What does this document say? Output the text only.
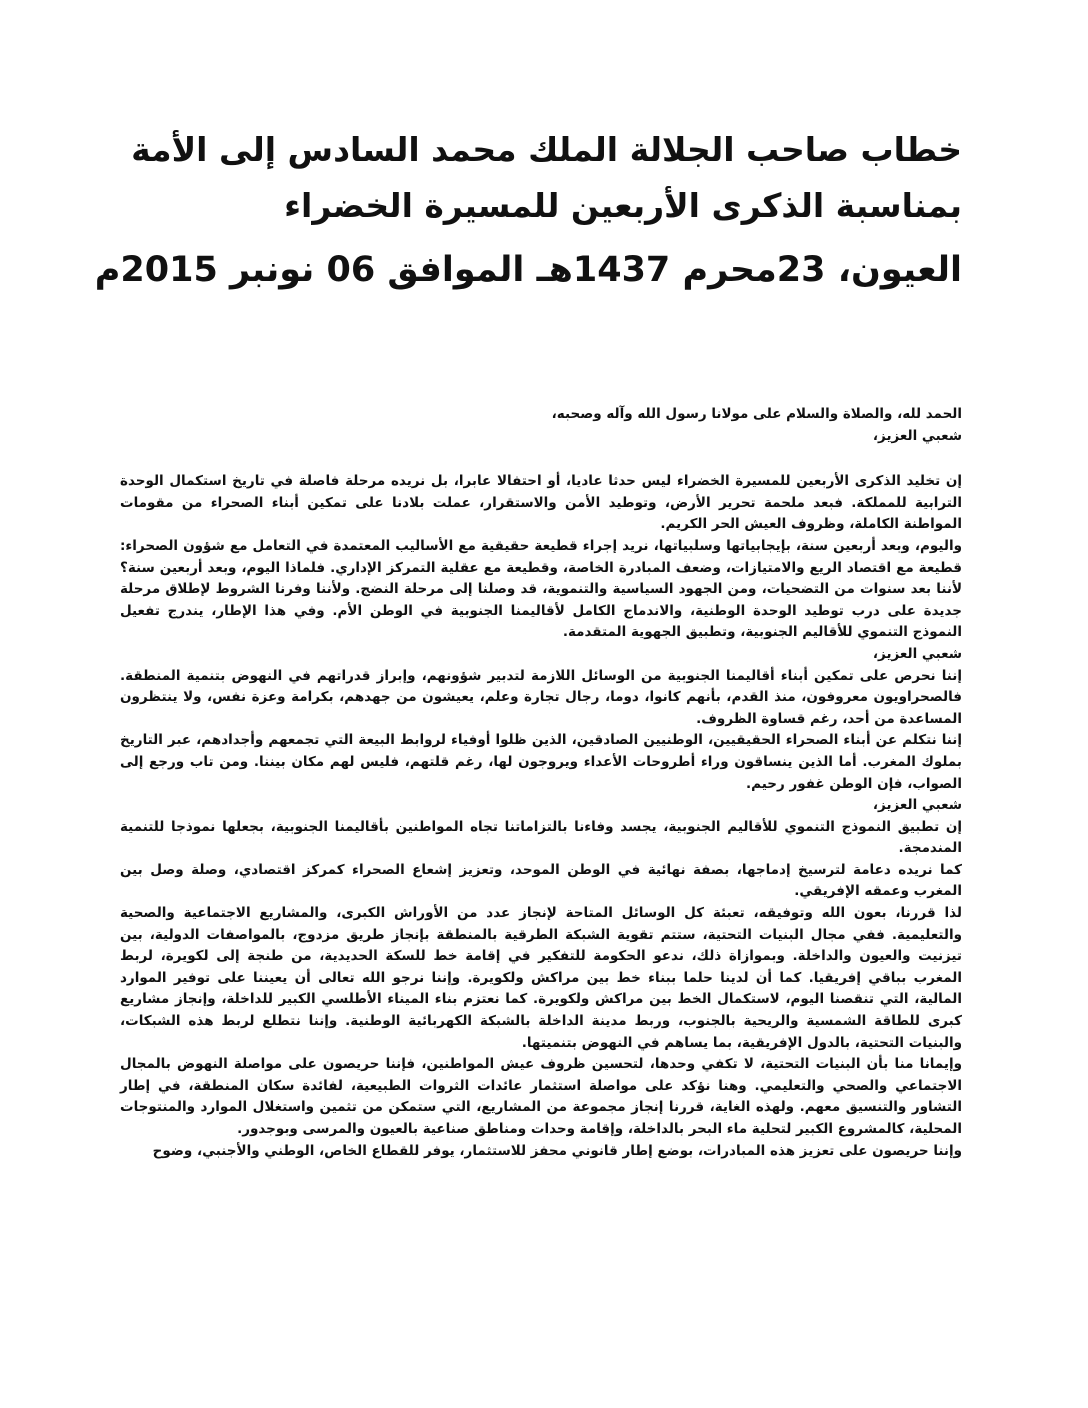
خطاب صاحب الجلالة الملك محمد السادس إلى الأمة
بمناسبة الذكرى الأربعين للمسيرة الخضراء
العيون، 23محرم 1437هـ الموافق 06 نونبر 2015م

الحمد لله، والصلاة والسلام على مولانا رسول الله وآله وصحبه،

شعبي العزيز،

إن تخليد الذكرى الأربعين للمسيرة الخضراء ليس حدثا عاديا، أو احتفالا عابرا، بل نريده مرحلة فاصلة في تاريخ استكمال الوحدة الترابية للمملكة. فبعد ملحمة تحرير الأرض، وتوطيد الأمن والاستقرار، عملت بلادنا على تمكين أبناء الصحراء من مقومات المواطنة الكاملة، وظروف العيش الحر الكريم.

واليوم، وبعد أربعين سنة، بإيجابياتها وسلبياتها، نريد إجراء قطيعة حقيقية مع الأساليب المعتمدة في التعامل مع شؤون الصحراء: قطيعة مع اقتصاد الريع والامتيازات، وضعف المبادرة الخاصة، وقطيعة مع عقلية التمركز الإداري. فلماذا اليوم، وبعد أربعين سنة؟ لأننا بعد سنوات من التضحيات، ومن الجهود السياسية والتنموية، قد وصلنا إلى مرحلة النضج. ولأننا وفرنا الشروط لإطلاق مرحلة جديدة على درب توطيد الوحدة الوطنية، والاندماج الكامل لأقاليمنا الجنوبية في الوطن الأم. وفي هذا الإطار، يندرج تفعيل النموذج التنموي للأقاليم الجنوبية، وتطبيق الجهوية المتقدمة.

شعبي العزيز،

إننا نحرص على تمكين أبناء أقاليمنا الجنوبية من الوسائل اللازمة لتدبير شؤونهم، وإبراز قدراتهم في النهوض بتنمية المنطقة. فالصحراويون معروفون، منذ القدم، بأنهم كانوا، دوما، رجال تجارة وعلم، يعيشون من جهدهم، بكرامة وعزة نفس، ولا ينتظرون المساعدة من أحد، رغم قساوة الظروف.

إننا نتكلم عن أبناء الصحراء الحقيقيين، الوطنيين الصادقين، الذين ظلوا أوفياء لروابط البيعة التي تجمعهم وأجدادهم، عبر التاريخ بملوك المغرب. أما الذين ينساقون وراء أطروحات الأعداء ويروجون لها، رغم قلتهم، فليس لهم مكان بيننا. ومن تاب ورجع إلى الصواب، فإن الوطن غفور رحيم.

شعبي العزيز،

إن تطبيق النموذج التنموي للأقاليم الجنوبية، يجسد وفاءنا بالتزاماتنا تجاه المواطنين بأقاليمنا الجنوبية، بجعلها نموذجا للتنمية المندمجة.

كما نريده دعامة لترسيخ إدماجها، بصفة نهائية في الوطن الموحد، وتعزيز إشعاع الصحراء كمركز اقتصادي، وصلة وصل بين المغرب وعمقه الإفريقي.

لذا قررنا، بعون الله وتوفيقه، تعبئة كل الوسائل المتاحة لإنجاز عدد من الأوراش الكبرى، والمشاريع الاجتماعية والصحية والتعليمية. ففي مجال البنيات التحتية، ستتم تقوية الشبكة الطرقية بالمنطقة بإنجاز طريق مزدوج، بالمواصفات الدولية، بين تيزنيت والعيون والداخلة. وبموازاة ذلك، ندعو الحكومة للتفكير في إقامة خط للسكة الحديدية، من طنجة إلى لكويرة، لربط المغرب بباقي إفريقيا. كما أن لدينا حلما ببناء خط بين مراكش ولكويرة. وإننا نرجو الله تعالى أن يعيننا على توفير الموارد المالية، التي تنقصنا اليوم، لاستكمال الخط بين مراكش ولكويرة. كما نعتزم بناء الميناء الأطلسي الكبير للداخلة، وإنجاز مشاريع كبرى للطاقة الشمسية والريحية بالجنوب، وربط مدينة الداخلة بالشبكة الكهربائية الوطنية. وإننا نتطلع لربط هذه الشبكات، والبنيات التحتية، بالدول الإفريقية، بما يساهم في النهوض بتنميتها.

وإيمانا منا بأن البنيات التحتية، لا تكفي وحدها، لتحسين ظروف عيش المواطنين، فإننا حريصون على مواصلة النهوض بالمجال الاجتماعي والصحي والتعليمي. وهنا نؤكد على مواصلة استثمار عائدات الثروات الطبيعية، لفائدة سكان المنطقة، في إطار التشاور والتنسيق معهم. ولهذه الغاية، قررنا إنجاز مجموعة من المشاريع، التي ستمكن من تثمين واستغلال الموارد والمنتوجات المحلية، كالمشروع الكبير لتحلية ماء البحر بالداخلة، وإقامة وحدات ومناطق صناعية بالعيون والمرسى وبوجدور.

وإننا حريصون على تعزيز هذه المبادرات، بوضع إطار قانوني محفز للاستثمار، يوفر للقطاع الخاص، الوطني والأجنبي، وضوح
